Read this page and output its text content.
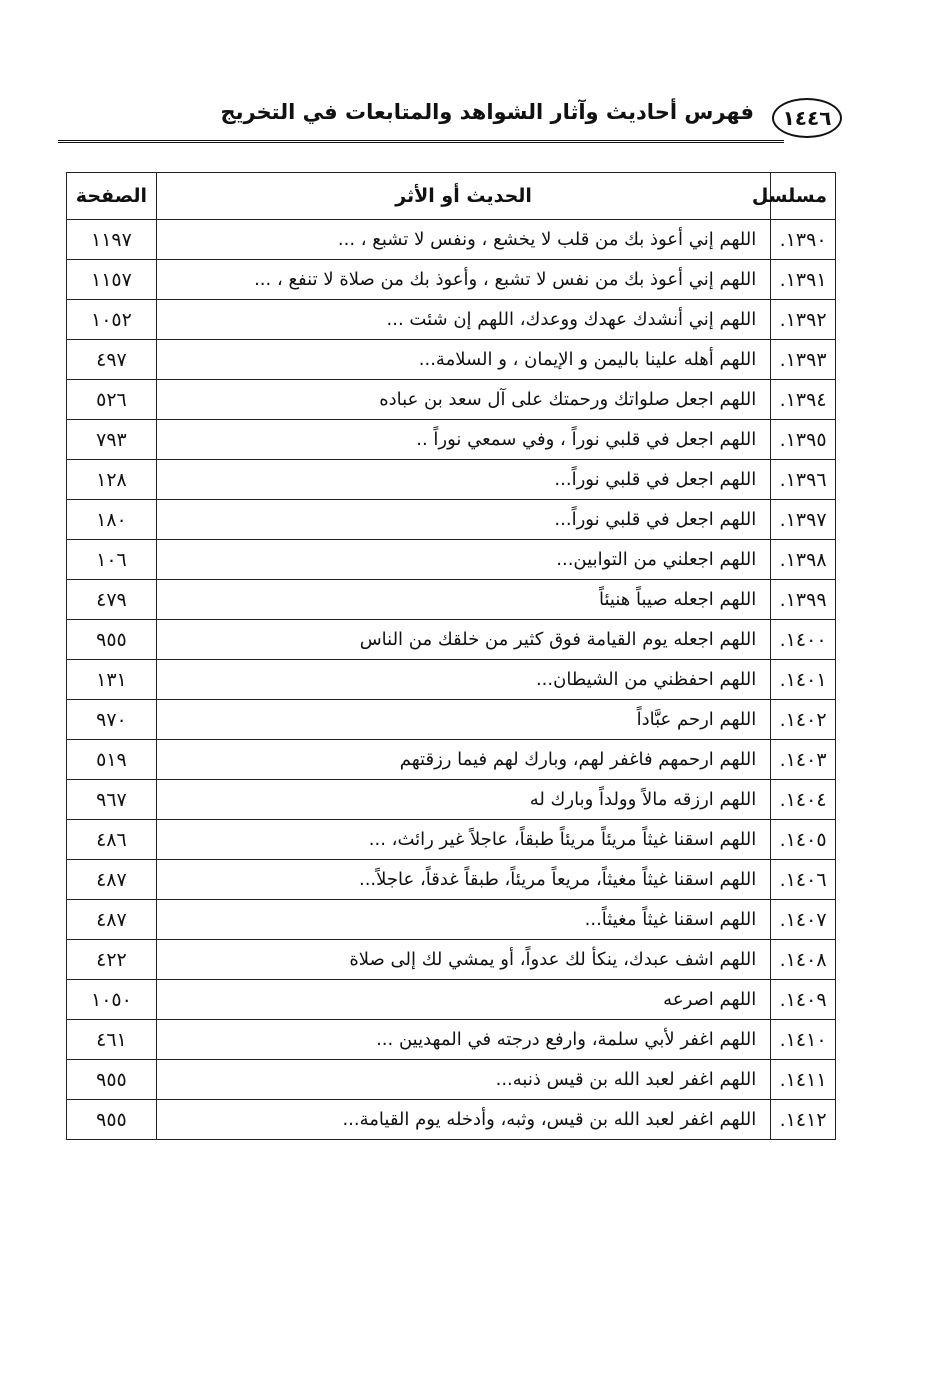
فهرس أحاديث وآثار الشواهد والمتابعات في التخريج	١٤٤٦
مسلسل	الحديث أو الأثر	الصفحة
١٣٩٠.	اللهم إني أعوذ بك من قلب لا يخشع ، ونفس لا تشبع ، ...	١١٩٧
١٣٩١.	اللهم إني أعوذ بك من نفس لا تشبع ، وأعوذ بك من صلاة لا تنفع ، ...	١١٥٧
١٣٩٢.	اللهم إني أنشدك عهدك ووعدك، اللهم إن شئت ...	١٠٥٢
١٣٩٣.	اللهم أهله علينا باليمن و الإيمان ، و السلامة...	٤٩٧
١٣٩٤.	اللهم اجعل صلواتك ورحمتك على آل سعد بن عباده	٥٢٦
١٣٩٥.	اللهم اجعل في قلبي نوراً ، وفي سمعي نوراً ..	٧٩٣
١٣٩٦.	اللهم اجعل في قلبي نوراً...	١٢٨
١٣٩٧.	اللهم اجعل في قلبي نوراً...	١٨٠
١٣٩٨.	اللهم اجعلني من التوابين...	١٠٦
١٣٩٩.	اللهم اجعله صيباً هنيئاً	٤٧٩
١٤٠٠.	اللهم اجعله يوم القيامة فوق كثير من خلقك من الناس	٩٥٥
١٤٠١.	اللهم احفظني من الشيطان...	١٣١
١٤٠٢.	اللهم ارحم عبَّاداً	٩٧٠
١٤٠٣.	اللهم ارحمهم فاغفر لهم، وبارك لهم فيما رزقتهم	٥١٩
١٤٠٤.	اللهم ارزقه مالاً وولداً وبارك له	٩٦٧
١٤٠٥.	اللهم اسقنا غيثاً مريئاً مريئاً طبقاً، عاجلاً غير رائث، ...	٤٨٦
١٤٠٦.	اللهم اسقنا غيثاً مغيثاً، مريعاً مريئاً، طبقاً غدقاً، عاجلاً...	٤٨٧
١٤٠٧.	اللهم اسقنا غيثاً مغيثاً...	٤٨٧
١٤٠٨.	اللهم اشف عبدك، ينكأ لك عدواً، أو يمشي لك إلى صلاة	٤٢٢
١٤٠٩.	اللهم اصرعه	١٠٥٠
١٤١٠.	اللهم اغفر لأبي سلمة، وارفع درجته في المهديين ...	٤٦١
١٤١١.	اللهم اغفر لعبد الله بن قيس ذنبه...	٩٥٥
١٤١٢.	اللهم اغفر لعبد الله بن قيس، وثبه، وأدخله يوم القيامة...	٩٥٥
